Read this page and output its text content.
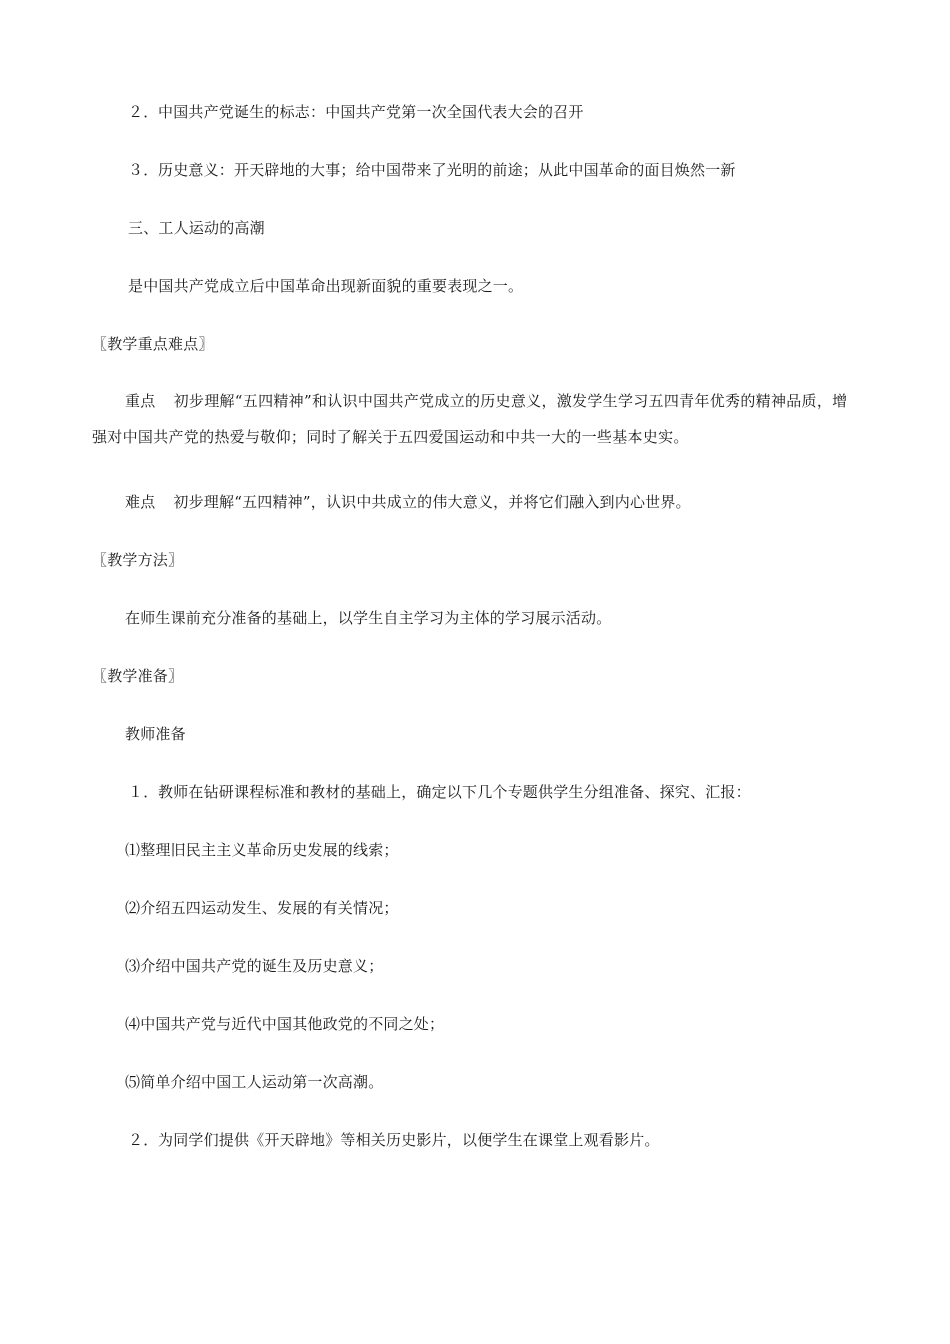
２．中国共产党诞生的标志：中国共产党第一次全国代表大会的召开
３．历史意义：开天辟地的大事；给中国带来了光明的前途；从此中国革命的面目焕然一新
三、工人运动的高潮
是中国共产党成立后中国革命出现新面貌的重要表现之一。
〖教学重点难点〗
重点 初步理解“五四精神”和认识中国共产党成立的历史意义，激发学生学习五四青年优秀的精神品质，增强对中国共产党的热爱与敬仰；同时了解关于五四爱国运动和中共一大的一些基本史实。
难点 初步理解“五四精神”，认识中共成立的伟大意义，并将它们融入到内心世界。
〖教学方法〗
在师生课前充分准备的基础上，以学生自主学习为主体的学习展示活动。
〖教学准备〗
教师准备
１．教师在钻研课程标准和教材的基础上，确定以下几个专题供学生分组准备、探究、汇报：
⑴整理旧民主主义革命历史发展的线索；
⑵介绍五四运动发生、发展的有关情况；
⑶介绍中国共产党的诞生及历史意义；
⑷中国共产党与近代中国其他政党的不同之处；
⑸简单介绍中国工人运动第一次高潮。
２．为同学们提供《开天辟地》等相关历史影片，以便学生在课堂上观看影片。
